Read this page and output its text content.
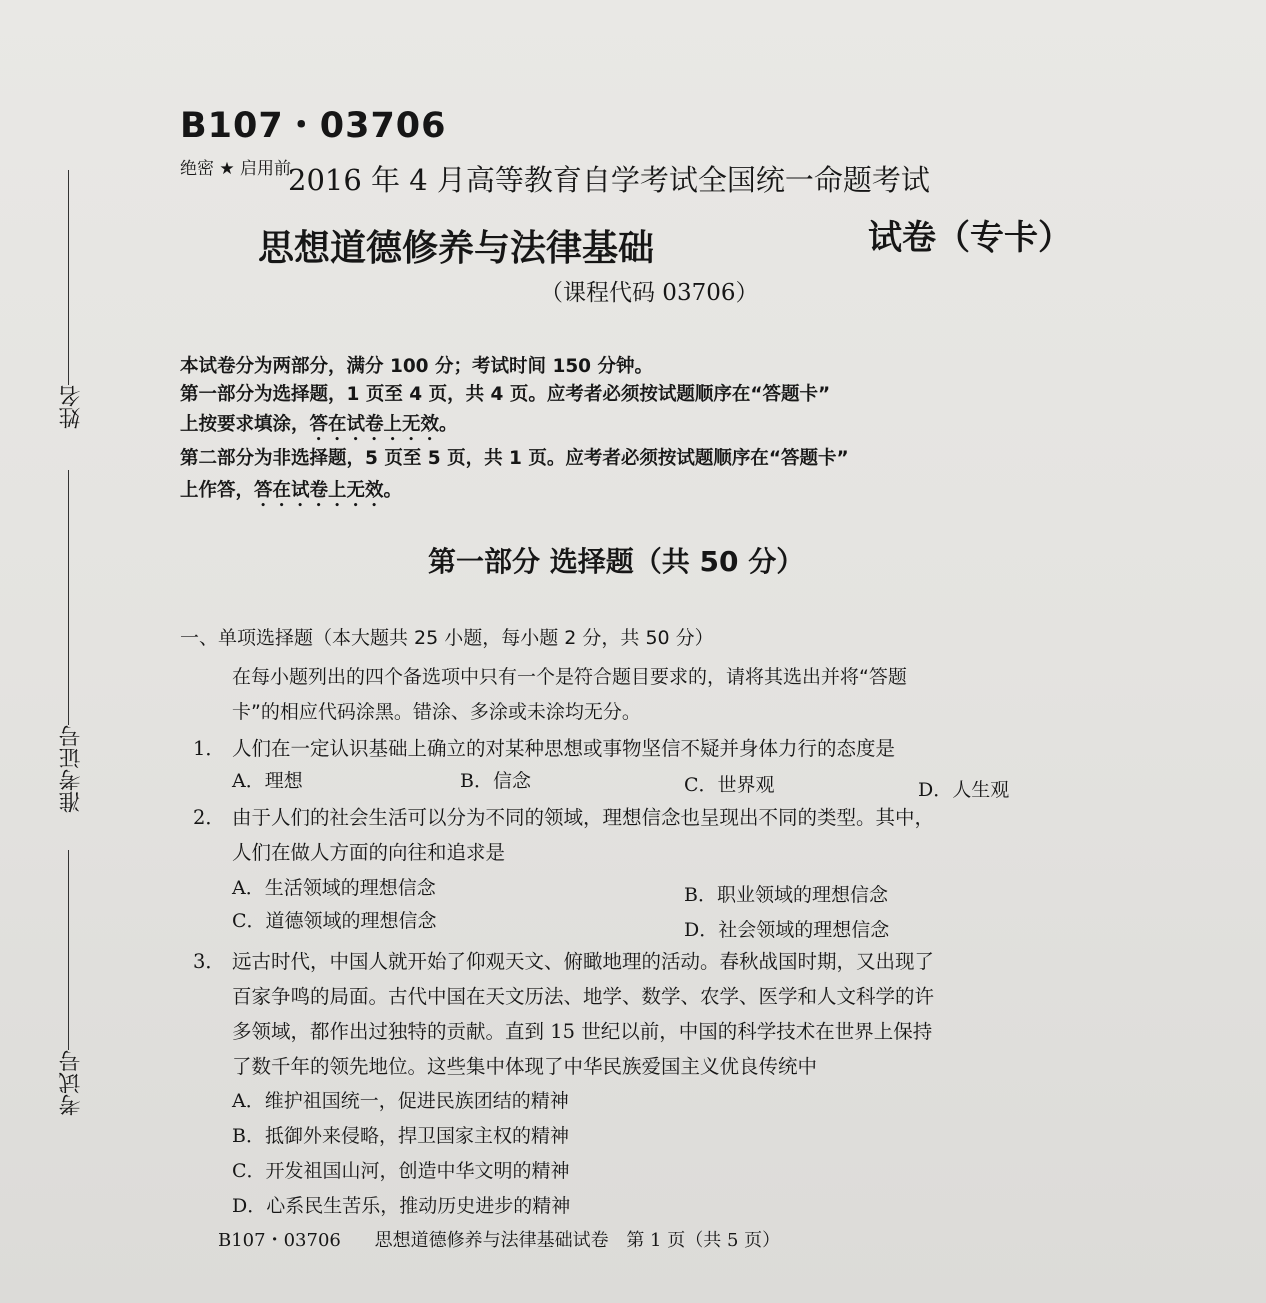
姓名
准考证号
考试号
B107・03706
绝密 ★ 启用前
2016 年 4 月高等教育自学考试全国统一命题考试
思想道德修养与法律基础	试卷（专卡）
（课程代码 03706）
本试卷分为两部分，满分 100 分；考试时间 150 分钟。
第一部分为选择题，1 页至 4 页，共 4 页。应考者必须按试题顺序在“答题卡”
上按要求填涂，答在试卷上无效。
第二部分为非选择题，5 页至 5 页，共 1 页。应考者必须按试题顺序在“答题卡”
上作答，答在试卷上无效。
第一部分 选择题（共 50 分）
一、单项选择题（本大题共 25 小题，每小题 2 分，共 50 分）
在每小题列出的四个备选项中只有一个是符合题目要求的，请将其选出并将“答题
卡”的相应代码涂黑。错涂、多涂或未涂均无分。
1． 人们在一定认识基础上确立的对某种思想或事物坚信不疑并身体力行的态度是
A．理想	B．信念	C．世界观	D．人生观
2． 由于人们的社会生活可以分为不同的领域，理想信念也呈现出不同的类型。其中，
人们在做人方面的向往和追求是
A．生活领域的理想信念	B．职业领域的理想信念
C．道德领域的理想信念	D．社会领域的理想信念
3． 远古时代，中国人就开始了仰观天文、俯瞰地理的活动。春秋战国时期，又出现了
百家争鸣的局面。古代中国在天文历法、地学、数学、农学、医学和人文科学的许
多领域，都作出过独特的贡献。直到 15 世纪以前，中国的科学技术在世界上保持
了数千年的领先地位。这些集中体现了中华民族爱国主义优良传统中
A．维护祖国统一，促进民族团结的精神
B．抵御外来侵略，捍卫国家主权的精神
C．开发祖国山河，创造中华文明的精神
D．心系民生苦乐，推动历史进步的精神
B107・03706 思想道德修养与法律基础试卷 第 1 页（共 5 页）
